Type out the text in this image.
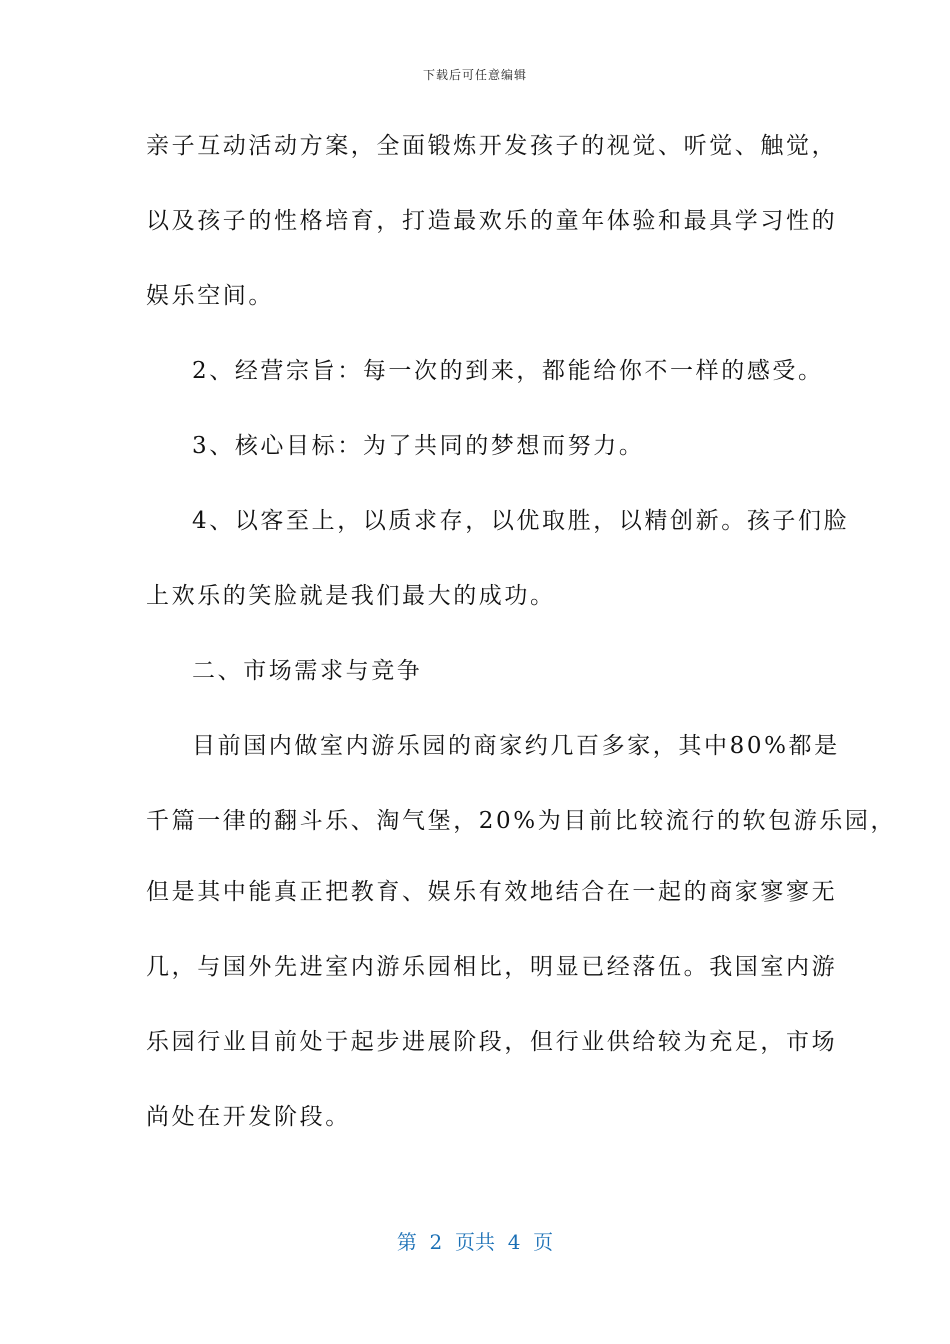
下载后可任意编辑
亲子互动活动方案，全面锻炼开发孩子的视觉、听觉、触觉，
以及孩子的性格培育，打造最欢乐的童年体验和最具学习性的
娱乐空间。
2、经营宗旨：每一次的到来，都能给你不一样的感受。
3、核心目标：为了共同的梦想而努力。
4、以客至上，以质求存，以优取胜，以精创新。孩子们脸
上欢乐的笑脸就是我们最大的成功。
二、市场需求与竞争
目前国内做室内游乐园的商家约几百多家，其中80%都是
千篇一律的翻斗乐、淘气堡，20%为目前比较流行的软包游乐园，
但是其中能真正把教育、娱乐有效地结合在一起的商家寥寥无
几，与国外先进室内游乐园相比，明显已经落伍。我国室内游
乐园行业目前处于起步进展阶段，但行业供给较为充足，市场
尚处在开发阶段。
第  2  页共  4  页
